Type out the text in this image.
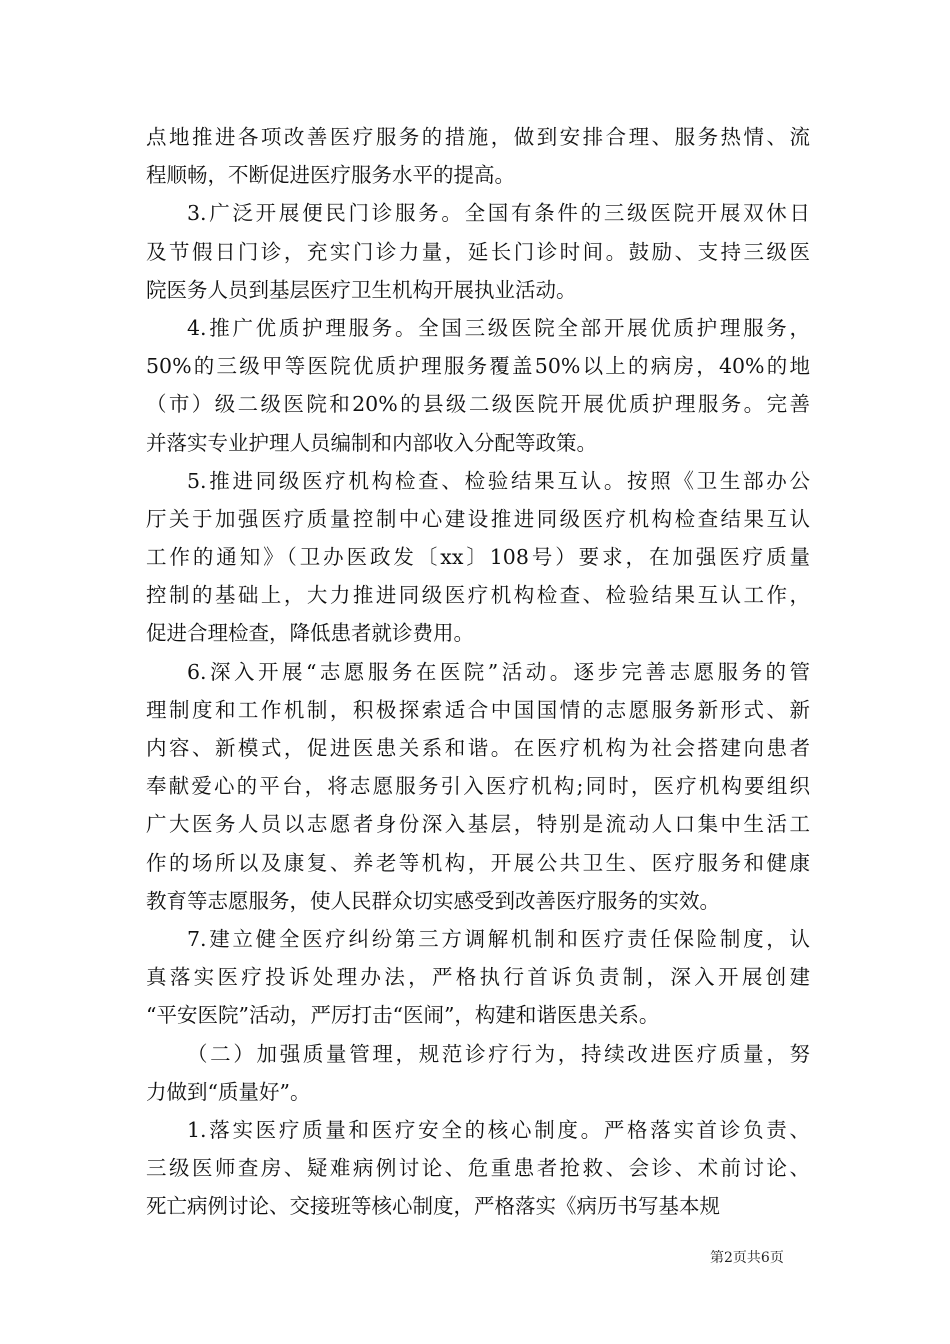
点地推进各项改善医疗服务的措施，做到安排合理、服务热情、流
程顺畅，不断促进医疗服务水平的提高。
3.广泛开展便民门诊服务。全国有条件的三级医院开展双休日
及节假日门诊，充实门诊力量，延长门诊时间。鼓励、支持三级医
院医务人员到基层医疗卫生机构开展执业活动。
4.推广优质护理服务。全国三级医院全部开展优质护理服务，
50%的三级甲等医院优质护理服务覆盖50%以上的病房，40%的地
（市）级二级医院和20%的县级二级医院开展优质护理服务。完善
并落实专业护理人员编制和内部收入分配等政策。
5.推进同级医疗机构检查、检验结果互认。按照《卫生部办公
厅关于加强医疗质量控制中心建设推进同级医疗机构检查结果互认
工作的通知》（卫办医政发〔xx〕108号）要求，在加强医疗质量
控制的基础上，大力推进同级医疗机构检查、检验结果互认工作，
促进合理检查，降低患者就诊费用。
6.深入开展“志愿服务在医院”活动。逐步完善志愿服务的管
理制度和工作机制，积极探索适合中国国情的志愿服务新形式、新
内容、新模式，促进医患关系和谐。在医疗机构为社会搭建向患者
奉献爱心的平台，将志愿服务引入医疗机构;同时，医疗机构要组织
广大医务人员以志愿者身份深入基层，特别是流动人口集中生活工
作的场所以及康复、养老等机构，开展公共卫生、医疗服务和健康
教育等志愿服务，使人民群众切实感受到改善医疗服务的实效。
7.建立健全医疗纠纷第三方调解机制和医疗责任保险制度，认
真落实医疗投诉处理办法，严格执行首诉负责制，深入开展创建
“平安医院”活动，严厉打击“医闹”，构建和谐医患关系。
（二）加强质量管理，规范诊疗行为，持续改进医疗质量，努
力做到“质量好”。
1.落实医疗质量和医疗安全的核心制度。严格落实首诊负责、
三级医师查房、疑难病例讨论、危重患者抢救、会诊、术前讨论、
死亡病例讨论、交接班等核心制度，严格落实《病历书写基本规
第2页共6页
